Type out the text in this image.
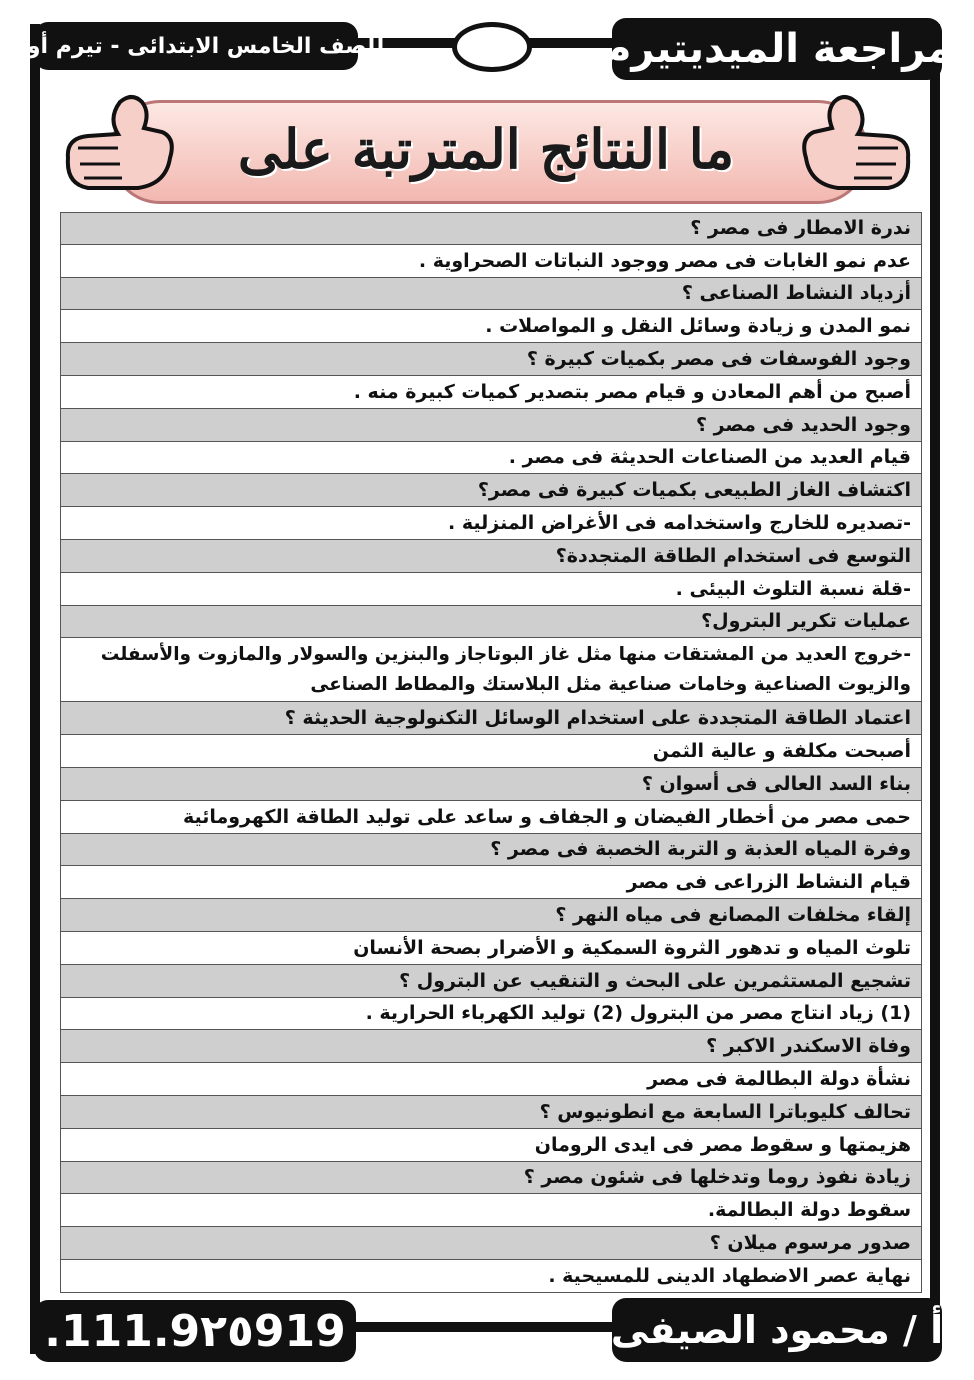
مراجعة الميديتيرم
للصف الخامس الابتدائى - تيرم أول
ما النتائج المترتبة على
ندرة الامطار فى مصر ؟
عدم نمو الغابات فى مصر ووجود النباتات الصحراوية .
أزدياد النشاط الصناعى ؟
نمو المدن و زيادة وسائل النقل و المواصلات .
وجود الفوسفات فى مصر بكميات كبيرة ؟
أصبح من أهم المعادن و قيام مصر بتصدير كميات كبيرة منه .
وجود الحديد فى مصر ؟
قيام العديد من الصناعات الحديثة فى مصر .
اكتشاف الغاز الطبيعى بكميات كبيرة فى مصر؟
-تصديره للخارج واستخدامه فى الأغراض المنزلية .
التوسع فى استخدام الطاقة المتجددة؟
-قلة نسبة التلوث البيئى .
عمليات تكرير البترول؟
-خروج العديد من المشتقات منها مثل غاز البوتاجاز والبنزين والسولار والمازوت والأسفلت والزيوت الصناعية وخامات صناعية مثل البلاستك والمطاط الصناعى
اعتماد الطاقة المتجددة على استخدام الوسائل التكنولوجية الحديثة ؟
أصبحت مكلفة و عالية الثمن
بناء السد العالى فى أسوان ؟
حمى مصر من أخطار الفيضان و الجفاف و ساعد على توليد الطاقة الكهرومائية
وفرة المياه العذبة و التربة الخصبة فى مصر ؟
قيام النشاط الزراعى فى مصر
إلقاء مخلفات المصانع فى مياه النهر ؟
تلوث المياه و تدهور الثروة السمكية و الأضرار بصحة الأنسان
تشجيع المستثمرين على البحث و التنقيب عن البترول ؟
(1) زياد انتاج مصر من البترول (2) توليد الكهرباء الحرارية .
وفاة الاسكندر الاكبر ؟
نشأة دولة البطالمة فى مصر
تحالف كليوباترا السابعة مع انطونيوس ؟
هزيمتها و سقوط مصر فى ايدى الرومان
زيادة نفوذ روما وتدخلها فى شئون مصر ؟
سقوط دولة البطالمة.
صدور مرسوم ميلان ؟
نهاية عصر الاضطهاد الدينى للمسيحية .
.111.9٢٥919	أ / محمود الصيفى
